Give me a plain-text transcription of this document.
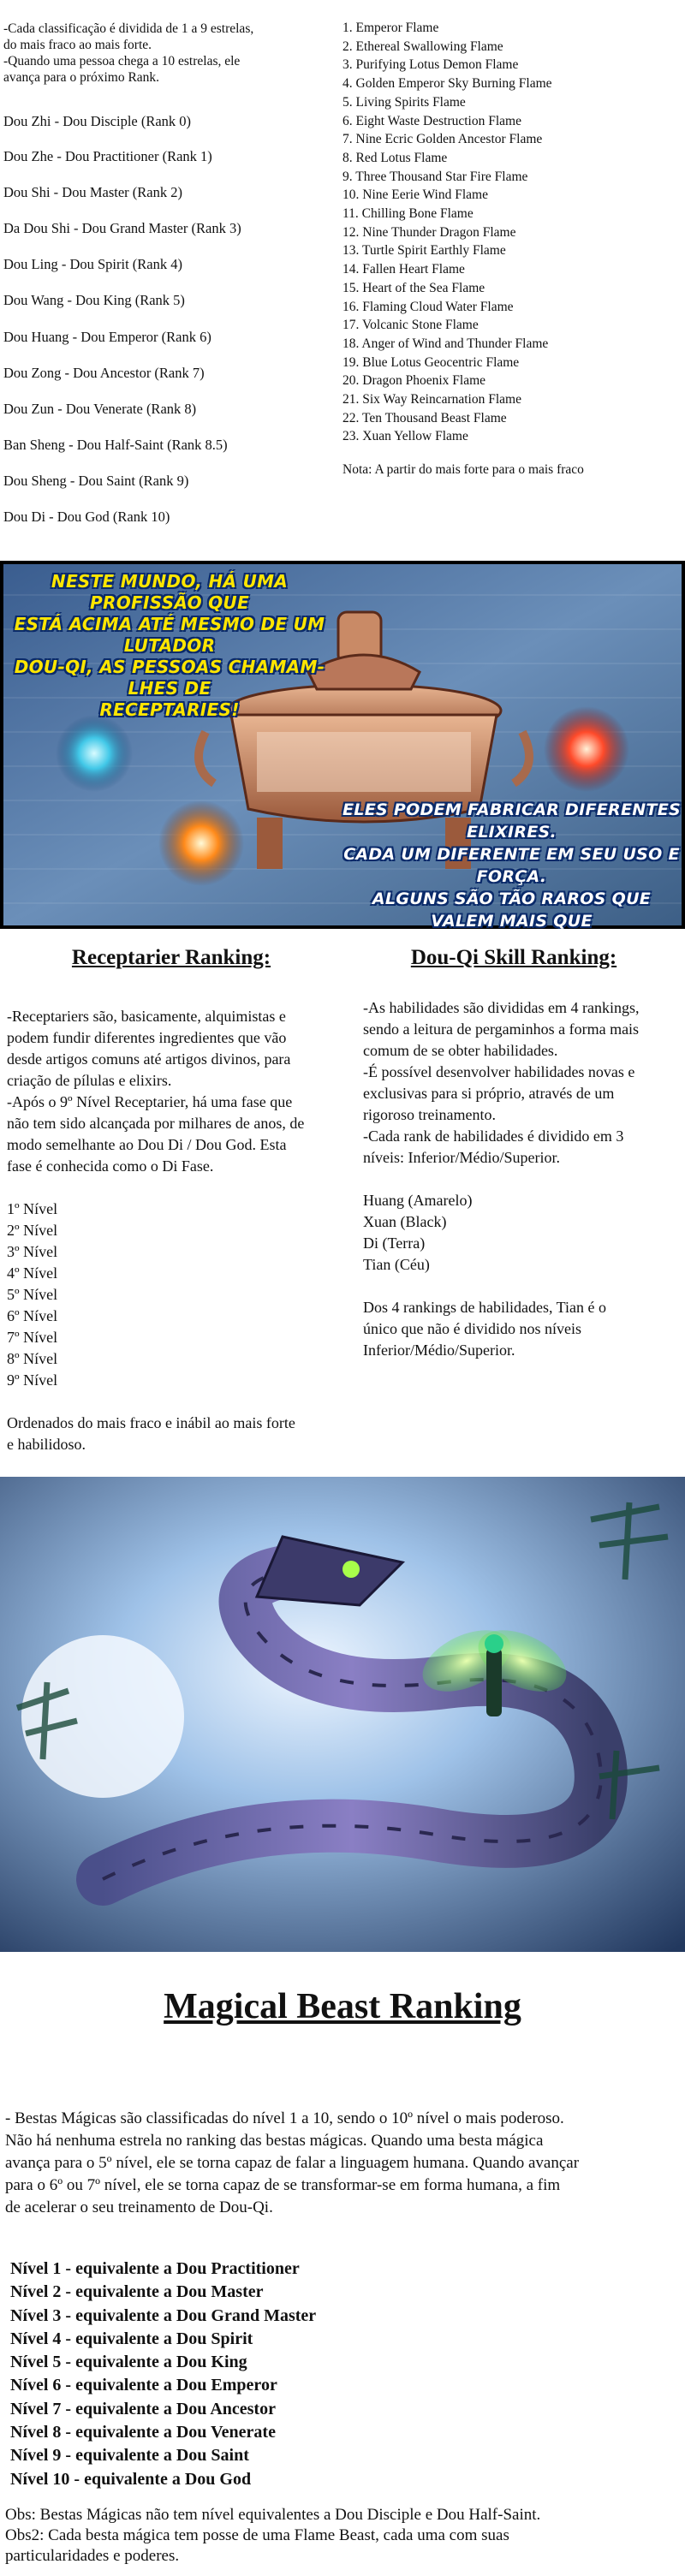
-Cada classificação é dividida de 1 a 9 estrelas,
do mais fraco ao mais forte.
-Quando uma pessoa chega a 10 estrelas, ele
avança para o próximo Rank.
Dou Zhi - Dou Disciple (Rank 0)
Dou Zhe - Dou Practitioner (Rank 1)
Dou Shi - Dou Master (Rank 2)
Da Dou Shi - Dou Grand Master (Rank 3)
Dou Ling - Dou Spirit (Rank 4)
Dou Wang - Dou King (Rank 5)
Dou Huang - Dou Emperor (Rank 6)
Dou Zong - Dou Ancestor (Rank 7)
Dou Zun - Dou Venerate (Rank 8)
Ban Sheng - Dou Half-Saint (Rank 8.5)
Dou Sheng - Dou Saint (Rank 9)
Dou Di - Dou God (Rank 10)
1. Emperor Flame
2. Ethereal Swallowing Flame
3. Purifying Lotus Demon Flame
4. Golden Emperor Sky Burning Flame
5. Living Spirits Flame
6. Eight Waste Destruction Flame
7. Nine Ecric Golden Ancestor Flame
8. Red Lotus Flame
9. Three Thousand Star Fire Flame
10. Nine Eerie Wind Flame
11. Chilling Bone Flame
12. Nine Thunder Dragon Flame
13. Turtle Spirit Earthly Flame
14. Fallen Heart Flame
15. Heart of the Sea Flame
16. Flaming Cloud Water Flame
17. Volcanic Stone Flame
18. Anger of Wind and Thunder Flame
19. Blue Lotus Geocentric Flame
20. Dragon Phoenix Flame
21. Six Way Reincarnation Flame
22. Ten Thousand Beast Flame
23. Xuan Yellow Flame
Nota: A partir do mais forte para o mais fraco
NESTE MUNDO, HÁ UMA PROFISSÃO QUE
ESTÁ ACIMA ATÉ MESMO DE UM LUTADOR
DOU-QI, AS PESSOAS CHAMAM-LHES DE
RECEPTARIES!
ELES PODEM FABRICAR DIFERENTES ELIXIRES.
CADA UM DIFERENTE EM SEU USO E FORÇA.
ALGUNS SÃO TÃO RAROS QUE VALEM MAIS QUE
Receptarier Ranking:	Dou-Qi Skill Ranking:
-Receptariers são, basicamente, alquimistas e
podem fundir diferentes ingredientes que vão
desde artigos comuns até artigos divinos, para
criação de pílulas e elixirs.
-Após o 9º Nível Receptarier, há uma fase que
não tem sido alcançada por milhares de anos, de
modo semelhante ao Dou Di / Dou God. Esta
fase é conhecida como o Di Fase.
1º Nível
2º Nível
3º Nível
4º Nível
5º Nível
6º Nível
7º Nível
8º Nível
9º Nível
Ordenados do mais fraco e inábil ao mais forte
e habilidoso.
-As habilidades são divididas em 4 rankings,
sendo a leitura de pergaminhos a forma mais
comum de se obter habilidades.
-É possível desenvolver habilidades novas e
exclusivas para si próprio, através de um
rigoroso treinamento.
-Cada rank de habilidades é dividido em 3
níveis: Inferior/Médio/Superior.
Huang (Amarelo)
Xuan (Black)
Di (Terra)
Tian (Céu)
Dos 4 rankings de habilidades, Tian é o
único que não é dividido nos níveis
Inferior/Médio/Superior.
Magical Beast Ranking
- Bestas Mágicas são classificadas do nível 1 a 10, sendo o 10º nível o mais poderoso.
Não há nenhuma estrela no ranking das bestas mágicas. Quando uma besta mágica
avança para o 5º nível, ele se torna capaz de falar a linguagem humana. Quando avançar
para o 6º ou 7º nível, ele se torna capaz de se transformar-se em forma humana, a fim
de acelerar o seu treinamento de Dou-Qi.
Nível 1 - equivalente a Dou Practitioner
Nível 2 - equivalente a Dou Master
Nível 3 - equivalente a Dou Grand Master
Nível 4 - equivalente a Dou Spirit
Nível 5 - equivalente a Dou King
Nível 6 - equivalente a Dou Emperor
Nível 7 - equivalente a Dou Ancestor
Nível 8 - equivalente a Dou Venerate
Nível 9 - equivalente a Dou Saint
Nível 10 - equivalente a Dou God
Obs: Bestas Mágicas não tem nível equivalentes a Dou Disciple e Dou Half-Saint.
Obs2: Cada besta mágica tem posse de uma Flame Beast, cada uma com suas
particularidades e poderes.
